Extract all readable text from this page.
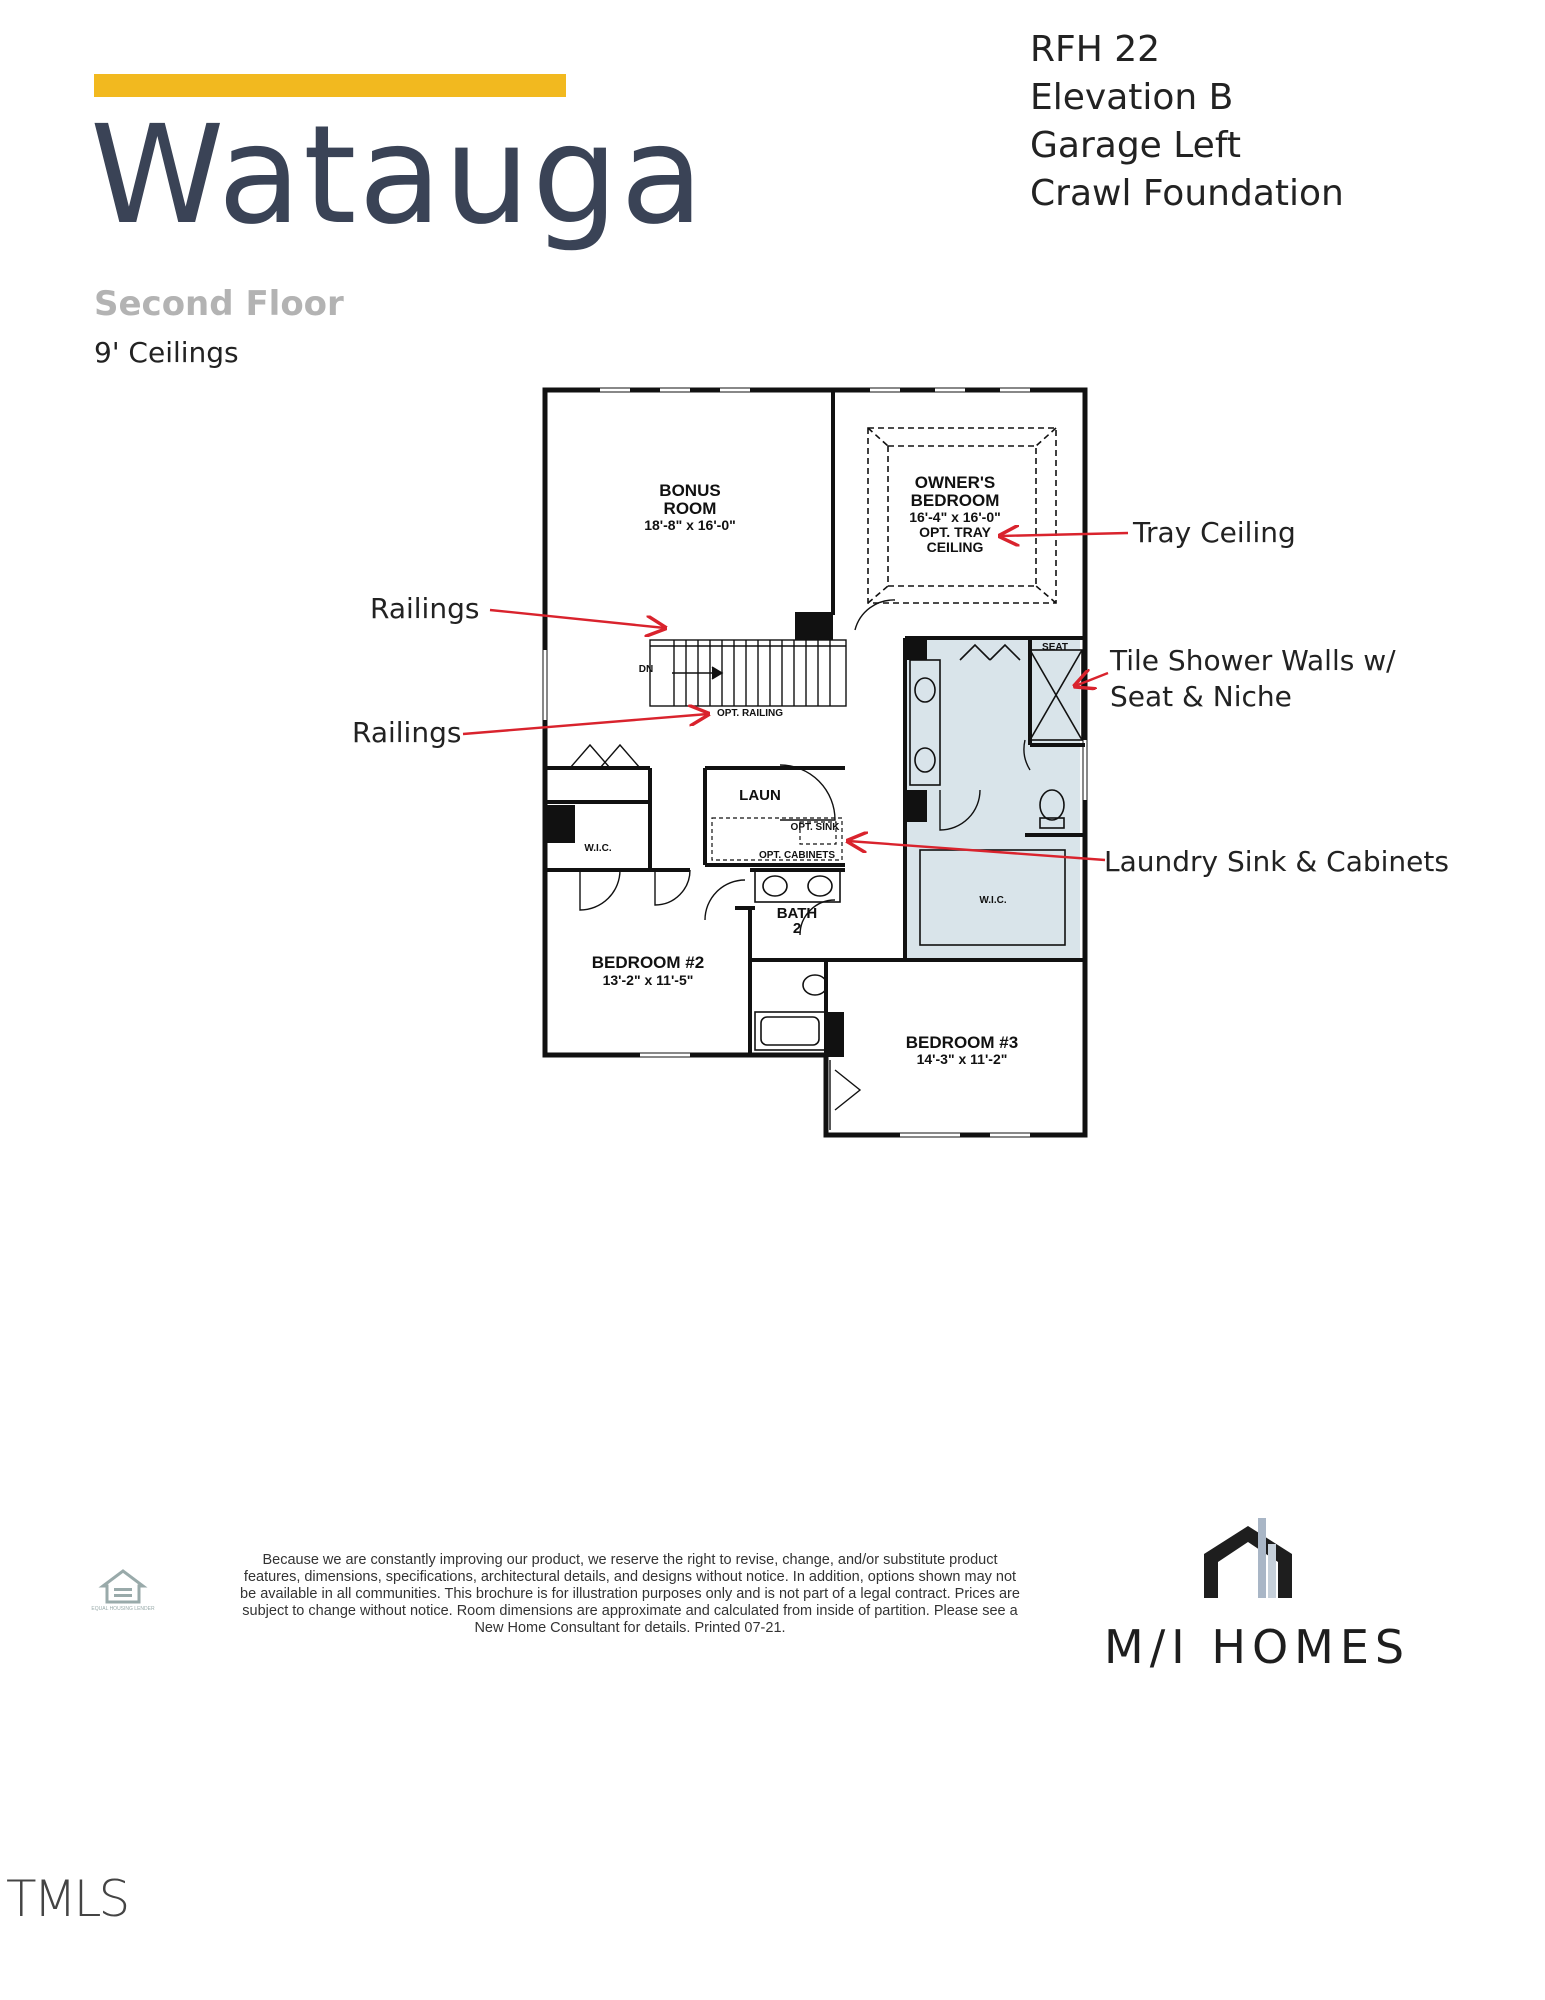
Watauga
Second Floor
9' Ceilings
RFH 22
Elevation B
Garage Left
Crawl Foundation
BONUS
ROOM
18'-8" x 16'-0"
OWNER'S
BEDROOM
16'-4" x 16'-0"
OPT. TRAY
CEILING
BEDROOM #2
13'-2" x 11'-5"
BEDROOM #3
14'-3" x 11'-2"
LAUN
OPT. SINK
OPT. CABINETS
BATH
2
W.I.C.
W.I.C.
SEAT
DN
OPT. RAILING
Railings
Railings
Tray Ceiling
Tile Shower Walls w/
Seat & Niche
Laundry Sink & Cabinets
EQUAL HOUSING LENDER
Because we are constantly improving our product, we reserve the right to revise, change, and/or substitute product features, dimensions, specifications, architectural details, and designs without notice. In addition, options shown may not be available in all communities. This brochure is for illustration purposes only and is not part of a legal contract. Prices are subject to change without notice. Room dimensions are approximate and calculated from inside of partition. Please see a New Home Consultant for details. Printed 07-21.	M/I HOMES
TMLS
